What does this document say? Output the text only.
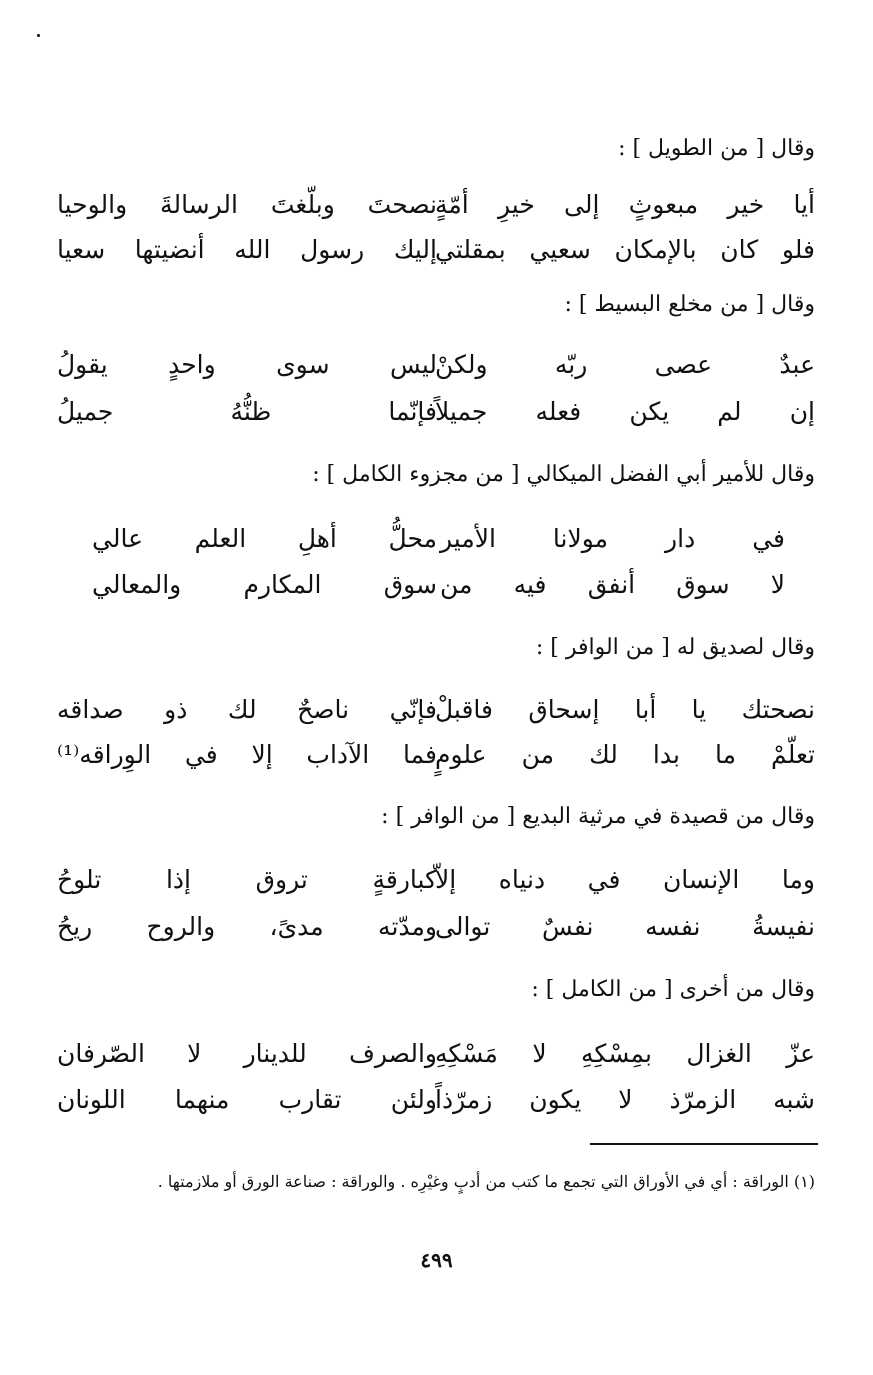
وقال [ من الطويل ] :
أيا خير مبعوثٍ إلى خيرِ أمّةٍ
نصحتَ وبلّغتَ الرسالةَ والوحيا
فلو كان بالإمكان سعيي بمقلتي
إليك رسول الله أنضيتها سعيا
وقال [ من مخلع البسيط ] :
عبدٌ عصى ربّه ولكنْ
ليس سوى واحدٍ يقولُ
إن لم يكن فعله جميلاً
فإنّما ظنُّهُ جميلُ
وقال للأمير أبي الفضل الميكالي [ من مجزوء الكامل ] :
في دار مولانا الأمير
محلُّ أهلِ العلم عالي
لا سوق أنفق فيه من
سوق المكارم والمعالي
وقال لصديق له [ من الوافر ] :
نصحتك يا أبا إسحاق فاقبلْ
فإنّي ناصحٌ لك ذو صداقه
تعلّمْ ما بدا لك من علومٍ
فما الآداب إلا في الوِراقه⁽¹⁾
وقال من قصيدة في مرثية البديع [ من الوافر ] :
وما الإنسان في دنياه إلاّ
كبارقةٍ تروق إذا تلوحُ
نفيسةُ نفسه نفسٌ توالى
ومدّته مدىً، والروح ريحُ
وقال من أخرى [ من الكامل ] :
عزّ الغزال بمِسْكِهِ لا مَسْكِهِ
والصرف للدينار لا الصّرفان
شبه الزمرّذ لا يكون زمرّذاً
ولئن تقارب منهما اللونان
(١) الوراقة : أي في الأوراق التي تجمع ما كتب من أدبٍ وغيْرِه . والوراقة : صناعة الورق أو ملازمتها .
٤٩٩
